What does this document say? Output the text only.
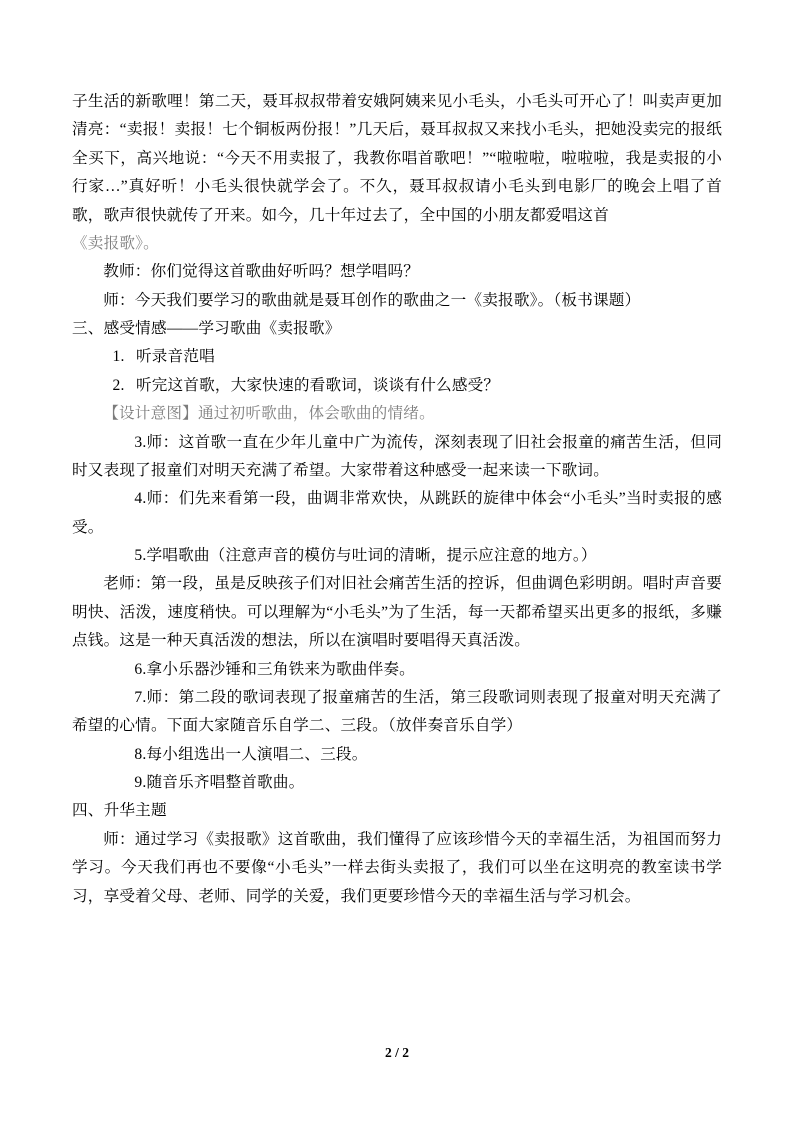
子生活的新歌哩！第二天，聂耳叔叔带着安娥阿姨来见小毛头，小毛头可开心了！叫卖声更加清亮：“卖报！卖报！七个铜板两份报！”几天后，聂耳叔叔又来找小毛头，把她没卖完的报纸全买下，高兴地说：“今天不用卖报了，我教你唱首歌吧！”“啦啦啦，啦啦啦，我是卖报的小行家…”真好听！小毛头很快就学会了。不久，聂耳叔叔请小毛头到电影厂的晚会上唱了首歌，歌声很快就传了开来。如今，几十年过去了，全中国的小朋友都爱唱这首

《卖报歌》。

教师：你们觉得这首歌曲好听吗？想学唱吗？

师：今天我们要学习的歌曲就是聂耳创作的歌曲之一《卖报歌》。（板书课题）

三、感受情感——学习歌曲《卖报歌》

1. 听录音范唱

2. 听完这首歌，大家快速的看歌词，谈谈有什么感受？

【设计意图】通过初听歌曲，体会歌曲的情绪。

3.师：这首歌一直在少年儿童中广为流传，深刻表现了旧社会报童的痛苦生活，但同时又表现了报童们对明天充满了希望。大家带着这种感受一起来读一下歌词。

4.师：们先来看第一段，曲调非常欢快，从跳跃的旋律中体会“小毛头”当时卖报的感受。

5.学唱歌曲（注意声音的模仿与吐词的清晰，提示应注意的地方。）

老师：第一段，虽是反映孩子们对旧社会痛苦生活的控诉，但曲调色彩明朗。唱时声音要明快、活泼，速度稍快。可以理解为“小毛头”为了生活，每一天都希望买出更多的报纸，多赚点钱。这是一种天真活泼的想法，所以在演唱时要唱得天真活泼。

6.拿小乐器沙锤和三角铁来为歌曲伴奏。

7.师：第二段的歌词表现了报童痛苦的生活，第三段歌词则表现了报童对明天充满了希望的心情。下面大家随音乐自学二、三段。（放伴奏音乐自学）

8.每小组选出一人演唱二、三段。

9.随音乐齐唱整首歌曲。

四、升华主题

师：通过学习《卖报歌》这首歌曲，我们懂得了应该珍惜今天的幸福生活，为祖国而努力学习。今天我们再也不要像“小毛头”一样去街头卖报了，我们可以坐在这明亮的教室读书学习，享受着父母、老师、同学的关爱，我们更要珍惜今天的幸福生活与学习机会。

2 / 2
